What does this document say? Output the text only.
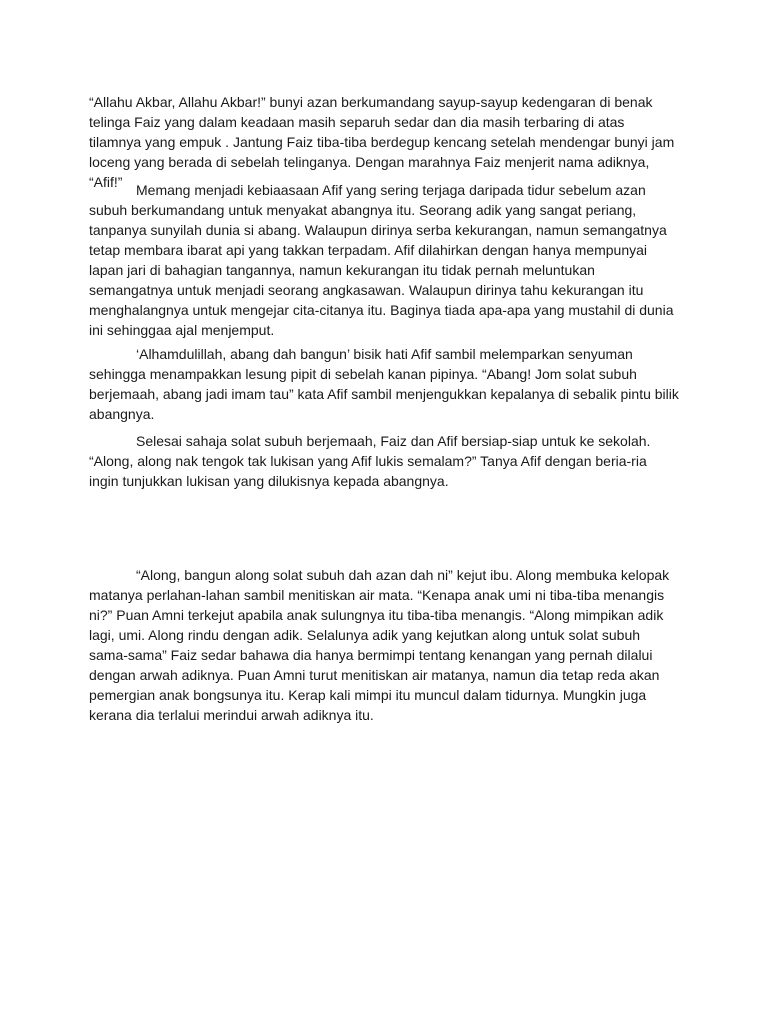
“Allahu Akbar, Allahu Akbar!” bunyi azan berkumandang sayup-sayup kedengaran di benak telinga Faiz yang dalam keadaan masih separuh sedar dan dia masih terbaring di atas tilamnya yang empuk . Jantung Faiz tiba-tiba berdegup kencang setelah mendengar bunyi jam loceng yang berada di sebelah telinganya. Dengan marahnya Faiz menjerit nama adiknya, “Afif!” Memang menjadi kebiaasaan Afif yang sering terjaga daripada tidur sebelum azan subuh berkumandang untuk menyakat abangnya itu. Seorang adik yang sangat periang, tanpanya sunyilah dunia si abang. Walaupun dirinya serba kekurangan, namun semangatnya tetap membara ibarat api yang takkan terpadam. Afif dilahirkan dengan hanya mempunyai lapan jari di bahagian tangannya, namun kekurangan itu tidak pernah meluntukan semangatnya untuk menjadi seorang angkasawan. Walaupun dirinya tahu kekurangan itu menghalangnya untuk mengejar cita-citanya itu. Baginya tiada apa-apa yang mustahil di dunia ini sehinggaa ajal menjemput.

‘Alhamdulillah, abang dah bangun’ bisik hati Afif sambil melemparkan senyuman sehingga menampakkan lesung pipit di sebelah kanan pipinya. “Abang! Jom solat subuh berjemaah, abang jadi imam tau” kata Afif sambil menjengukkan kepalanya di sebalik pintu bilik abangnya.

Selesai sahaja solat subuh berjemaah, Faiz dan Afif bersiap-siap untuk ke sekolah. “Along, along nak tengok tak lukisan yang Afif lukis semalam?” Tanya Afif dengan beria-ria ingin tunjukkan lukisan yang dilukisnya kepada abangnya.

“Along, bangun along solat subuh dah azan dah ni” kejut ibu. Along membuka kelopak matanya perlahan-lahan sambil menitiskan air mata. “Kenapa anak umi ni tiba-tiba menangis ni?” Puan Amni terkejut apabila anak sulungnya itu tiba-tiba menangis. “Along mimpikan adik lagi, umi. Along rindu dengan adik. Selalunya adik yang kejutkan along untuk solat subuh sama-sama” Faiz sedar bahawa dia hanya bermimpi tentang kenangan yang pernah dilalui dengan arwah adiknya. Puan Amni turut menitiskan air matanya, namun dia tetap reda akan pemergian anak bongsunya itu. Kerap kali mimpi itu muncul dalam tidurnya. Mungkin juga kerana dia terlalui merindui arwah adiknya itu.
